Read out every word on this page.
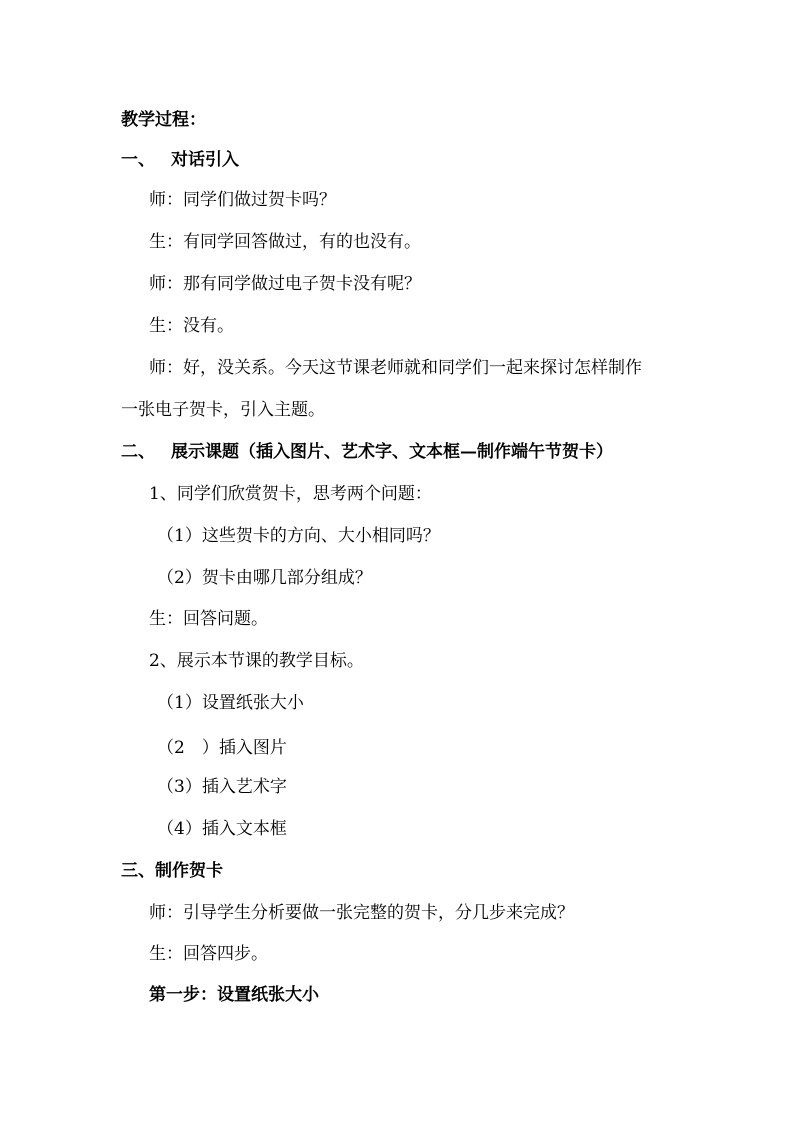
教学过程：
一、 对话引入
师：同学们做过贺卡吗？
生：有同学回答做过，有的也没有。
师：那有同学做过电子贺卡没有呢？
生：没有。
师：好，没关系。今天这节课老师就和同学们一起来探讨怎样制作
一张电子贺卡，引入主题。
二、 展示课题（插入图片、艺术字、文本框—制作端午节贺卡）
1、同学们欣赏贺卡，思考两个问题：
（1）这些贺卡的方向、大小相同吗？
（2）贺卡由哪几部分组成？
生：回答问题。
2、展示本节课的教学目标。
（1）设置纸张大小
（2　）插入图片
（3）插入艺术字
（4）插入文本框
三、制作贺卡
师：引导学生分析要做一张完整的贺卡，分几步来完成？
生：回答四步。
第一步：设置纸张大小
